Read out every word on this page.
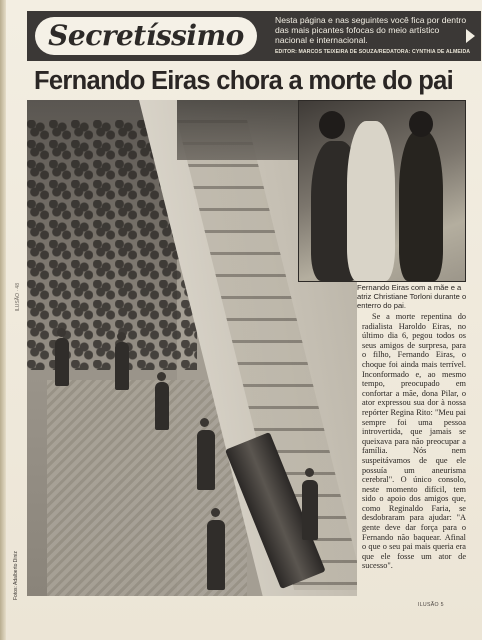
Secretíssimo	Nesta página e nas seguintes você fica por dentro das mais picantes fofocas do meio artístico nacional e internacional.
EDITOR: MARCOS TEIXEIRA DE SOUZA/REDATORA: CYNTHIA DE ALMEIDA
Fernando Eiras chora a morte do pai
Fernando Eiras com a mãe e a atriz Christiane Torloni durante o enterro do pai.

Se a morte repentina do radialista Haroldo Eiras, no último dia 6, pegou todos os seus amigos de surpresa, para o filho, Fernando Eiras, o choque foi ainda mais terrível. Inconformado e, ao mesmo tempo, preocupado em confortar a mãe, dona Pilar, o ator expressou sua dor à nossa repórter Regina Rito: "Meu pai sempre foi uma pessoa introvertida, que jamais se queixava para não preocupar a família. Nós nem suspeitávamos de que ele possuía um aneurisma cerebral". O único consolo, neste momento difícil, tem sido o apoio dos amigos que, como Reginaldo Faria, se desdobraram para ajudar: "A gente deve dar força para o Fernando não baquear. Afinal o que o seu pai mais queria era que ele fosse um ator de sucesso".

Fotos: Adalberto Diniz
ILUSÃO · 48
ILUSÃO 5
